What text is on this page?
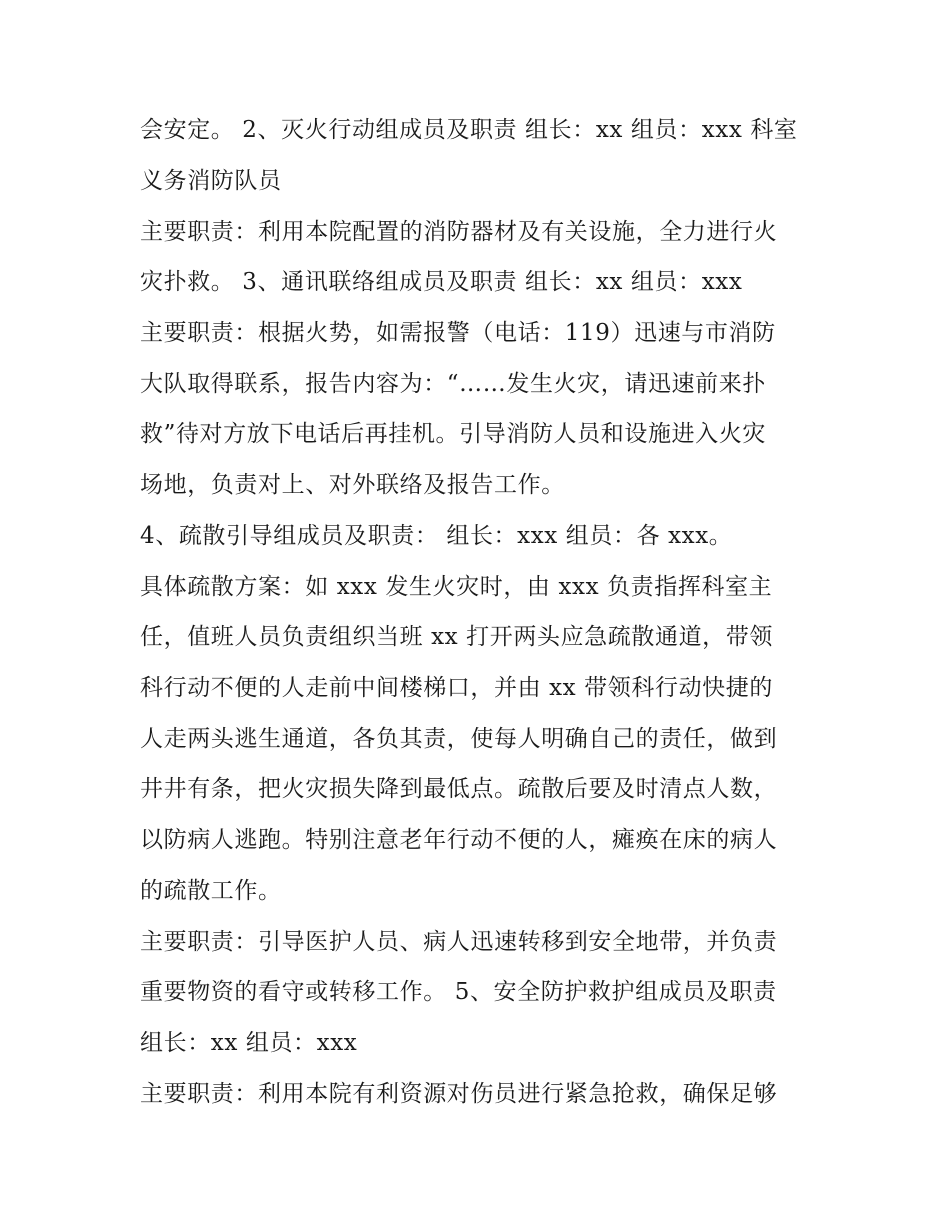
会安定。 2、灭火行动组成员及职责 组长：xx 组员：xxx 科室
义务消防队员
主要职责：利用本院配置的消防器材及有关设施，全力进行火
灾扑救。 3、通讯联络组成员及职责 组长：xx 组员：xxx
主要职责：根据火势，如需报警（电话：119）迅速与市消防
大队取得联系，报告内容为：“……发生火灾，请迅速前来扑
救”待对方放下电话后再挂机。引导消防人员和设施进入火灾
场地，负责对上、对外联络及报告工作。
4、疏散引导组成员及职责： 组长：xxx 组员：各 xxx。
具体疏散方案：如 xxx 发生火灾时，由 xxx 负责指挥科室主
任，值班人员负责组织当班 xx 打开两头应急疏散通道，带领
科行动不便的人走前中间楼梯口，并由 xx 带领科行动快捷的
人走两头逃生通道，各负其责，使每人明确自己的责任，做到
井井有条，把火灾损失降到最低点。疏散后要及时清点人数，
以防病人逃跑。特别注意老年行动不便的人，瘫痪在床的病人
的疏散工作。
主要职责：引导医护人员、病人迅速转移到安全地带，并负责
重要物资的看守或转移工作。 5、安全防护救护组成员及职责
组长：xx 组员：xxx
主要职责：利用本院有利资源对伤员进行紧急抢救，确保足够
